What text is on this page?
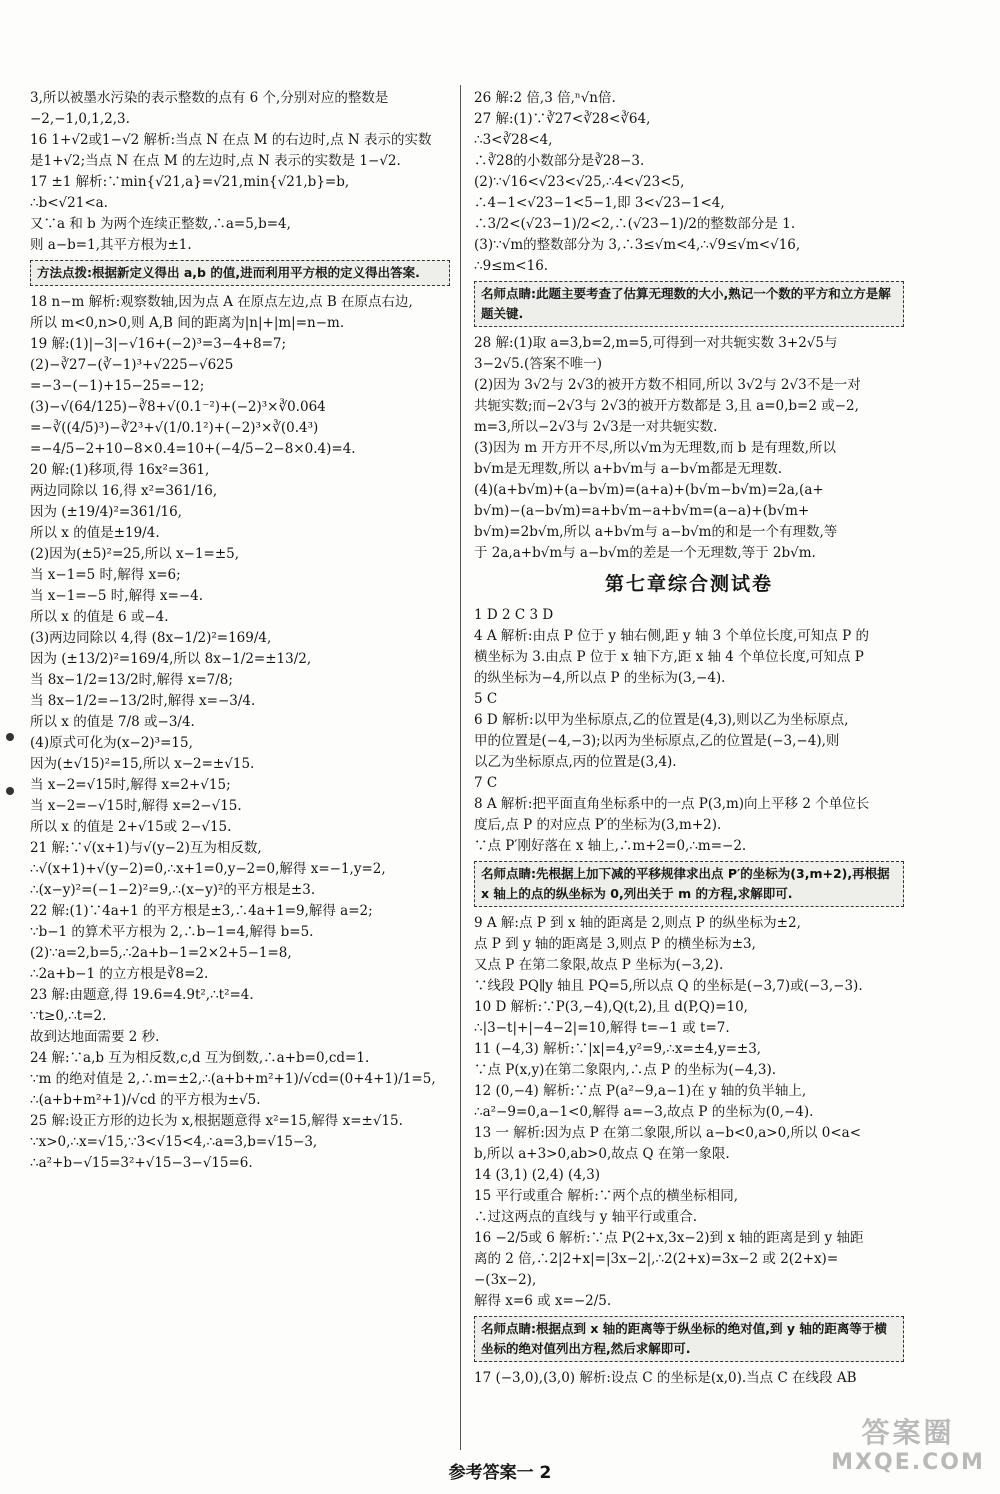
3,所以被墨水污染的表示整数的点有 6 个,分别对应的整数是
−2,−1,0,1,2,3.
16 1+√2或1−√2 解析:当点 N 在点 M 的右边时,点 N 表示的实数
是1+√2;当点 N 在点 M 的左边时,点 N 表示的实数是 1−√2.
17 ±1 解析:∵min{√21,a}=√21,min{√21,b}=b,
∴b<√21<a.
又∵a 和 b 为两个连续正整数,∴a=5,b=4,
则 a−b=1,其平方根为±1.
方法点拨:根据新定义得出 a,b 的值,进而利用平方根的定义得出答案.
18 n−m 解析:观察数轴,因为点 A 在原点左边,点 B 在原点右边,
所以 m<0,n>0,则 A,B 间的距离为|n|+|m|=n−m.
19 解:(1)|−3|−√16+(−2)³=3−4+8=7;
(2)−∛27−(∛−1)³+√225−√625
=−3−(−1)+15−25=−12;
(3)−√(64/125)−∛8+√(0.1⁻²)+(−2)³×∛0.064
=−∛((4/5)³)−∛2³+√(1/0.1²)+(−2)³×∛(0.4³)
=−4/5−2+10−8×0.4=10+(−4/5−2−8×0.4)=4.
20 解:(1)移项,得 16x²=361,
两边同除以 16,得 x²=361/16,
因为 (±19/4)²=361/16,
所以 x 的值是±19/4.
(2)因为(±5)²=25,所以 x−1=±5,
当 x−1=5 时,解得 x=6;
当 x−1=−5 时,解得 x=−4.
所以 x 的值是 6 或−4.
(3)两边同除以 4,得 (8x−1/2)²=169/4,
因为 (±13/2)²=169/4,所以 8x−1/2=±13/2,
当 8x−1/2=13/2时,解得 x=7/8;
当 8x−1/2=−13/2时,解得 x=−3/4.
所以 x 的值是 7/8 或−3/4.
(4)原式可化为(x−2)³=15,
因为(±√15)²=15,所以 x−2=±√15.
当 x−2=√15时,解得 x=2+√15;
当 x−2=−√15时,解得 x=2−√15.
所以 x 的值是 2+√15或 2−√15.
21 解:∵√(x+1)与√(y−2)互为相反数,
∴√(x+1)+√(y−2)=0,∴x+1=0,y−2=0,解得 x=−1,y=2,
∴(x−y)²=(−1−2)²=9,∴(x−y)²的平方根是±3.
22 解:(1)∵4a+1 的平方根是±3,∴4a+1=9,解得 a=2;
∵b−1 的算术平方根为 2,∴b−1=4,解得 b=5.
(2)∵a=2,b=5,∴2a+b−1=2×2+5−1=8,
∴2a+b−1 的立方根是∛8=2.
23 解:由题意,得 19.6=4.9t²,∴t²=4.
∵t≥0,∴t=2.
故到达地面需要 2 秒.
24 解:∵a,b 互为相反数,c,d 互为倒数,∴a+b=0,cd=1.
∵m 的绝对值是 2,∴m=±2,∴(a+b+m²+1)/√cd=(0+4+1)/1=5,
∴(a+b+m²+1)/√cd 的平方根为±√5.
25 解:设正方形的边长为 x,根据题意得 x²=15,解得 x=±√15.
∵x>0,∴x=√15,∵3<√15<4,∴a=3,b=√15−3,
∴a²+b−√15=3²+√15−3−√15=6.
26 解:2 倍,3 倍,ⁿ√n倍.
27 解:(1)∵∛27<∛28<∛64,
∴3<∛28<4,
∴∛28的小数部分是∛28−3.
(2)∵√16<√23<√25,∴4<√23<5,
∴4−1<√23−1<5−1,即 3<√23−1<4,
∴3/2<(√23−1)/2<2,∴(√23−1)/2的整数部分是 1.
(3)∵√m的整数部分为 3,∴3≤√m<4,∴√9≤√m<√16,
∴9≤m<16.
名师点睛:此题主要考查了估算无理数的大小,熟记一个数的平方和立方是解题关键.
28 解:(1)取 a=3,b=2,m=5,可得到一对共轭实数 3+2√5与
3−2√5.(答案不唯一)
(2)因为 3√2与 2√3的被开方数不相同,所以 3√2与 2√3不是一对
共轭实数;而−2√3与 2√3的被开方数都是 3,且 a=0,b=2 或−2,
m=3,所以−2√3与 2√3是一对共轭实数.
(3)因为 m 开方开不尽,所以√m为无理数,而 b 是有理数,所以
b√m是无理数,所以 a+b√m与 a−b√m都是无理数.
(4)(a+b√m)+(a−b√m)=(a+a)+(b√m−b√m)=2a,(a+
b√m)−(a−b√m)=a+b√m−a+b√m=(a−a)+(b√m+
b√m)=2b√m,所以 a+b√m与 a−b√m的和是一个有理数,等
于 2a,a+b√m与 a−b√m的差是一个无理数,等于 2b√m.
第七章综合测试卷
1 D 2 C 3 D
4 A 解析:由点 P 位于 y 轴右侧,距 y 轴 3 个单位长度,可知点 P 的
横坐标为 3.由点 P 位于 x 轴下方,距 x 轴 4 个单位长度,可知点 P
的纵坐标为−4,所以点 P 的坐标为(3,−4).
5 C
6 D 解析:以甲为坐标原点,乙的位置是(4,3),则以乙为坐标原点,
甲的位置是(−4,−3);以丙为坐标原点,乙的位置是(−3,−4),则
以乙为坐标原点,丙的位置是(3,4).
7 C
8 A 解析:把平面直角坐标系中的一点 P(3,m)向上平移 2 个单位长
度后,点 P 的对应点 P′的坐标为(3,m+2).
∵点 P′刚好落在 x 轴上,∴m+2=0,∴m=−2.
名师点睛:先根据上加下减的平移规律求出点 P′的坐标为(3,m+2),再根据 x 轴上的点的纵坐标为 0,列出关于 m 的方程,求解即可.
9 A 解:点 P 到 x 轴的距离是 2,则点 P 的纵坐标为±2,
点 P 到 y 轴的距离是 3,则点 P 的横坐标为±3,
又点 P 在第二象限,故点 P 坐标为(−3,2).
∵线段 PQ∥y 轴且 PQ=5,所以点 Q 的坐标是(−3,7)或(−3,−3).
10 D 解析:∵P(3,−4),Q(t,2),且 d(P,Q)=10,
∴|3−t|+|−4−2|=10,解得 t=−1 或 t=7.
11 (−4,3) 解析:∵|x|=4,y²=9,∴x=±4,y=±3,
∵点 P(x,y)在第二象限内,∴点 P 的坐标为(−4,3).
12 (0,−4) 解析:∵点 P(a²−9,a−1)在 y 轴的负半轴上,
∴a²−9=0,a−1<0,解得 a=−3,故点 P 的坐标为(0,−4).
13 一 解析:因为点 P 在第二象限,所以 a−b<0,a>0,所以 0<a<
b,所以 a+3>0,ab>0,故点 Q 在第一象限.
14 (3,1) (2,4) (4,3)
15 平行或重合 解析:∵两个点的横坐标相同,
∴过这两点的直线与 y 轴平行或重合.
16 −2/5或 6 解析:∵点 P(2+x,3x−2)到 x 轴的距离是到 y 轴距
离的 2 倍,∴2|2+x|=|3x−2|,∴2(2+x)=3x−2 或 2(2+x)=
−(3x−2),
解得 x=6 或 x=−2/5.
名师点睛:根据点到 x 轴的距离等于纵坐标的绝对值,到 y 轴的距离等于横坐标的绝对值列出方程,然后求解即可.
17 (−3,0),(3,0) 解析:设点 C 的坐标是(x,0).当点 C 在线段 AB
参考答案一 2
答案圈
MXQE.COM
